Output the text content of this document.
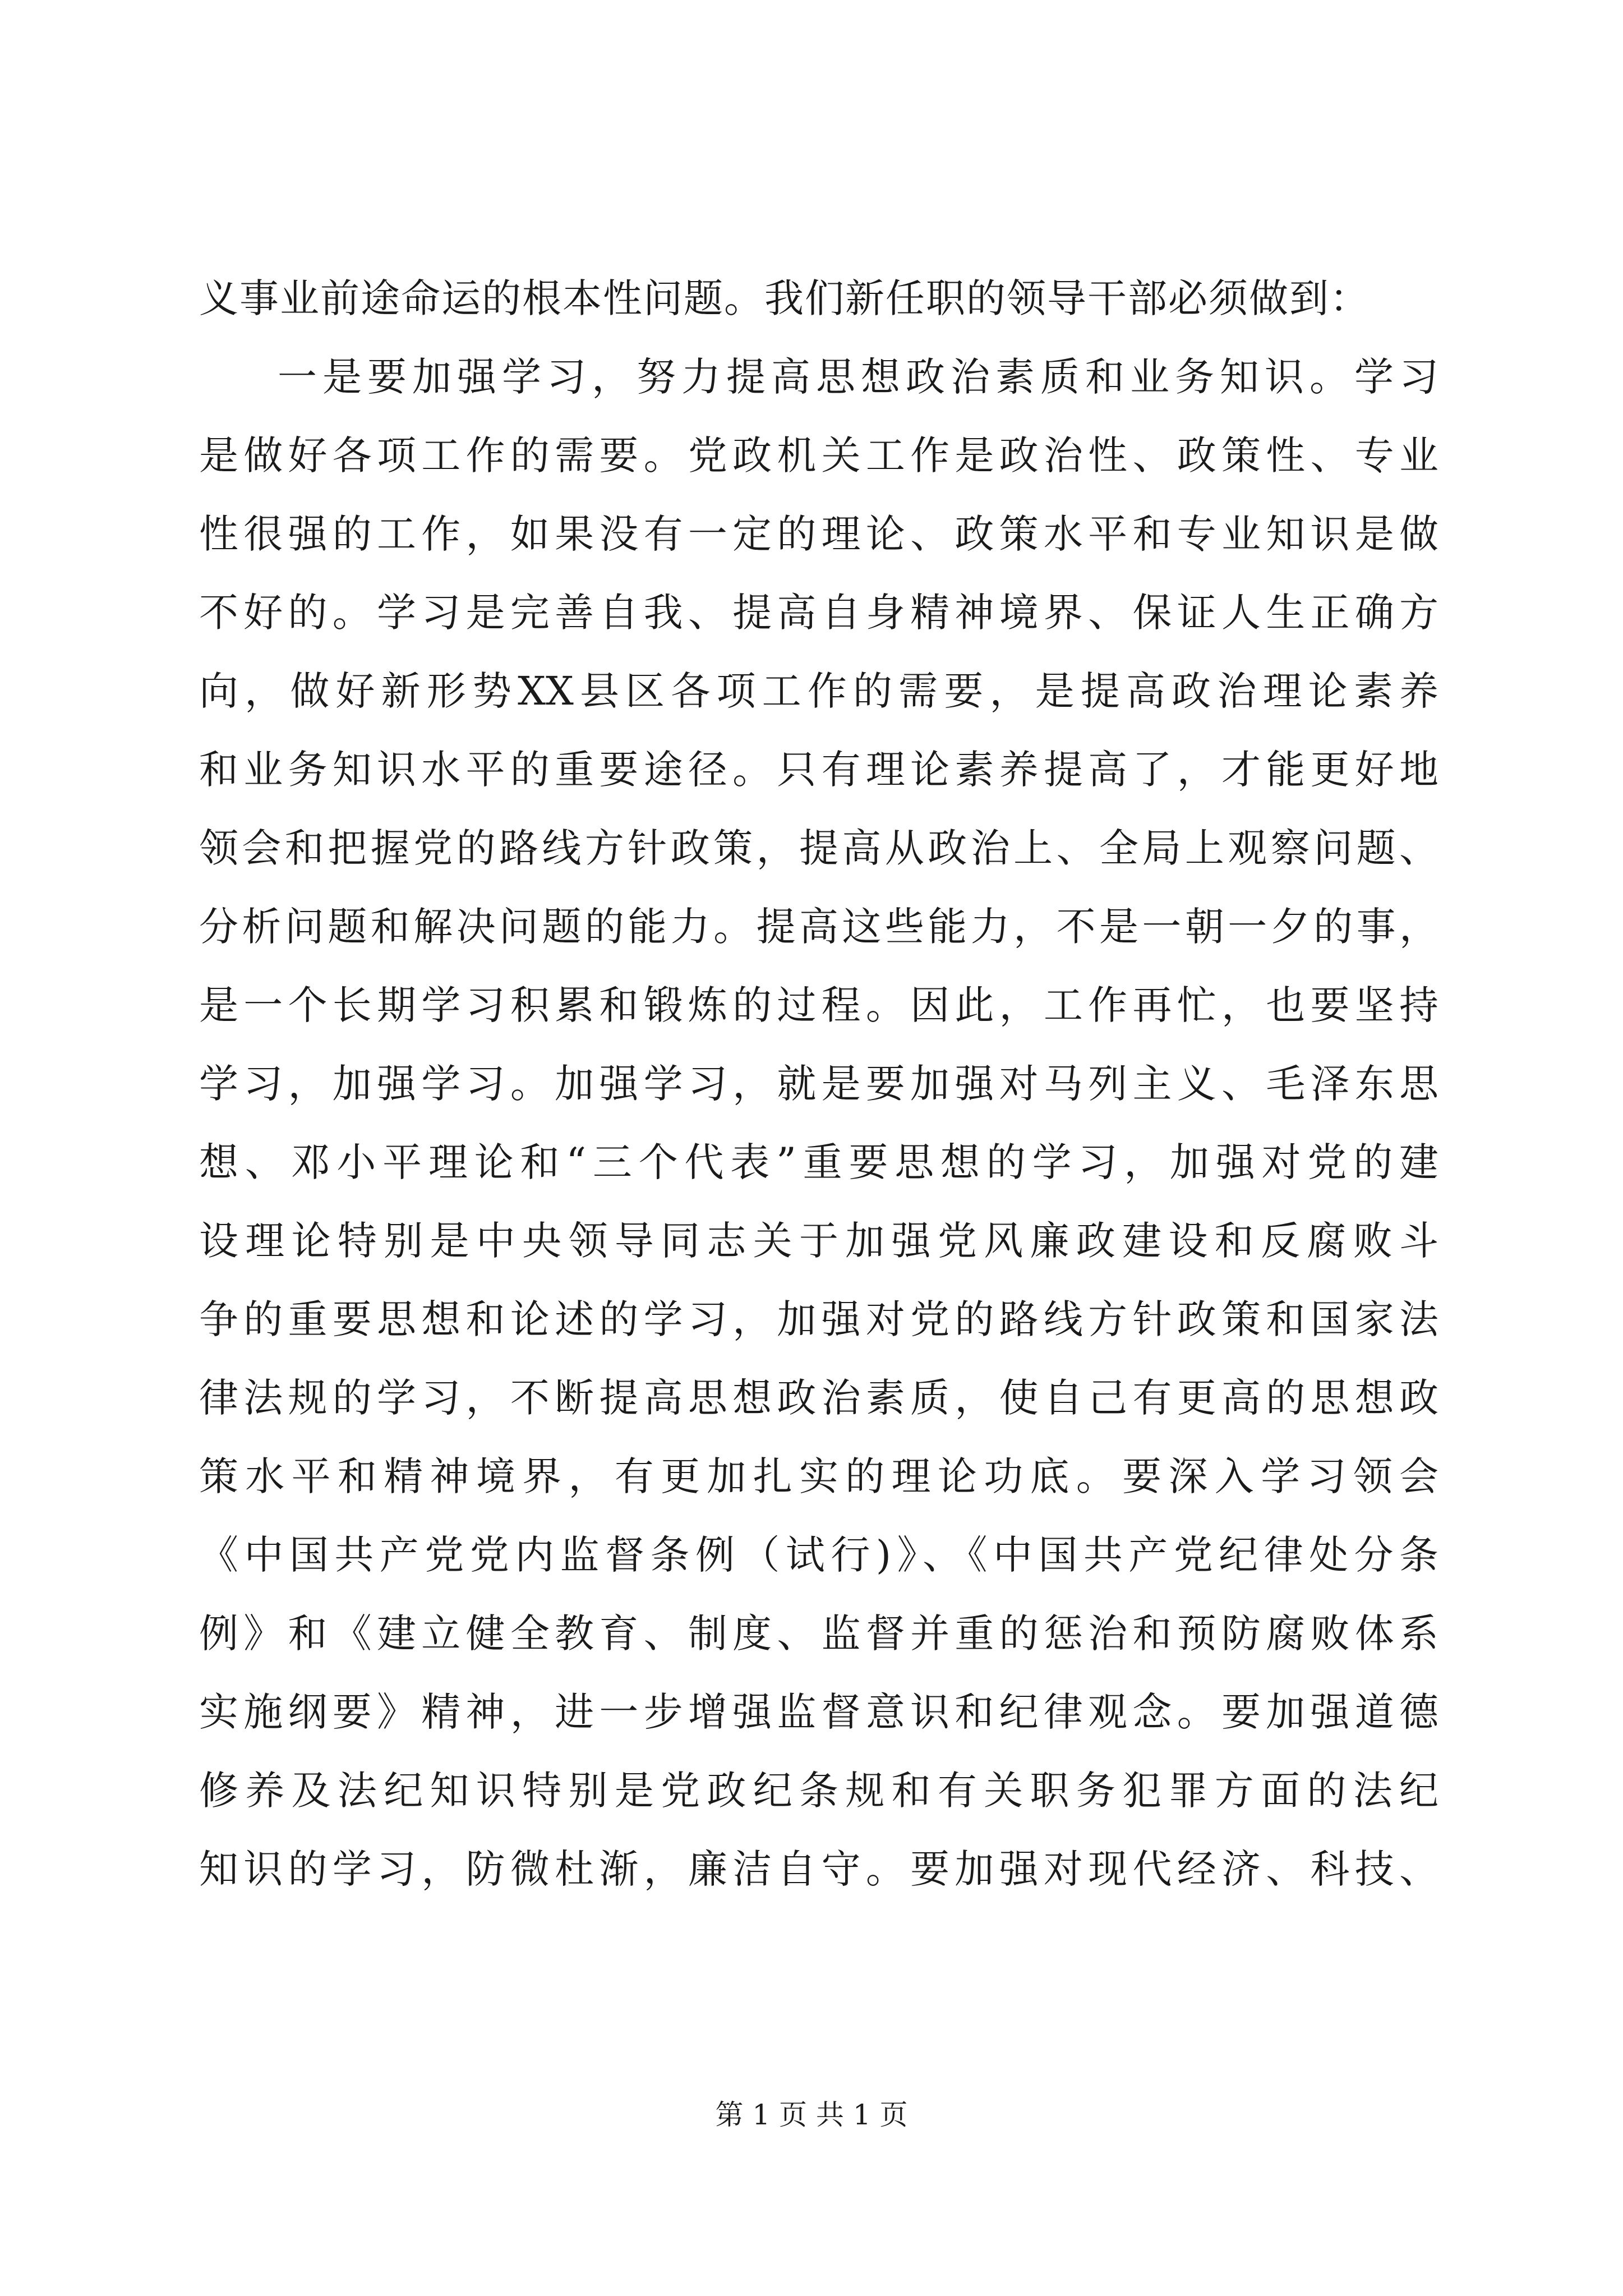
义事业前途命运的根本性问题。我们新任职的领导干部必须做到：
一是要加强学习，努力提高思想政治素质和业务知识。学习
是做好各项工作的需要。党政机关工作是政治性、政策性、专业
性很强的工作，如果没有一定的理论、政策水平和专业知识是做
不好的。学习是完善自我、提高自身精神境界、保证人生正确方
向，做好新形势XX县区各项工作的需要，是提高政治理论素养
和业务知识水平的重要途径。只有理论素养提高了，才能更好地
领会和把握党的路线方针政策，提高从政治上、全局上观察问题、
分析问题和解决问题的能力。提高这些能力，不是一朝一夕的事，
是一个长期学习积累和锻炼的过程。因此，工作再忙，也要坚持
学习，加强学习。加强学习，就是要加强对马列主义、毛泽东思
想、邓小平理论和“三个代表”重要思想的学习，加强对党的建
设理论特别是中央领导同志关于加强党风廉政建设和反腐败斗
争的重要思想和论述的学习，加强对党的路线方针政策和国家法
律法规的学习，不断提高思想政治素质，使自己有更高的思想政
策水平和精神境界，有更加扎实的理论功底。要深入学习领会
《中国共产党党内监督条例（试行)》、《中国共产党纪律处分条
例》和《建立健全教育、制度、监督并重的惩治和预防腐败体系
实施纲要》精神，进一步增强监督意识和纪律观念。要加强道德
修养及法纪知识特别是党政纪条规和有关职务犯罪方面的法纪
知识的学习，防微杜渐，廉洁自守。要加强对现代经济、科技、
第 1 页 共 1 页
